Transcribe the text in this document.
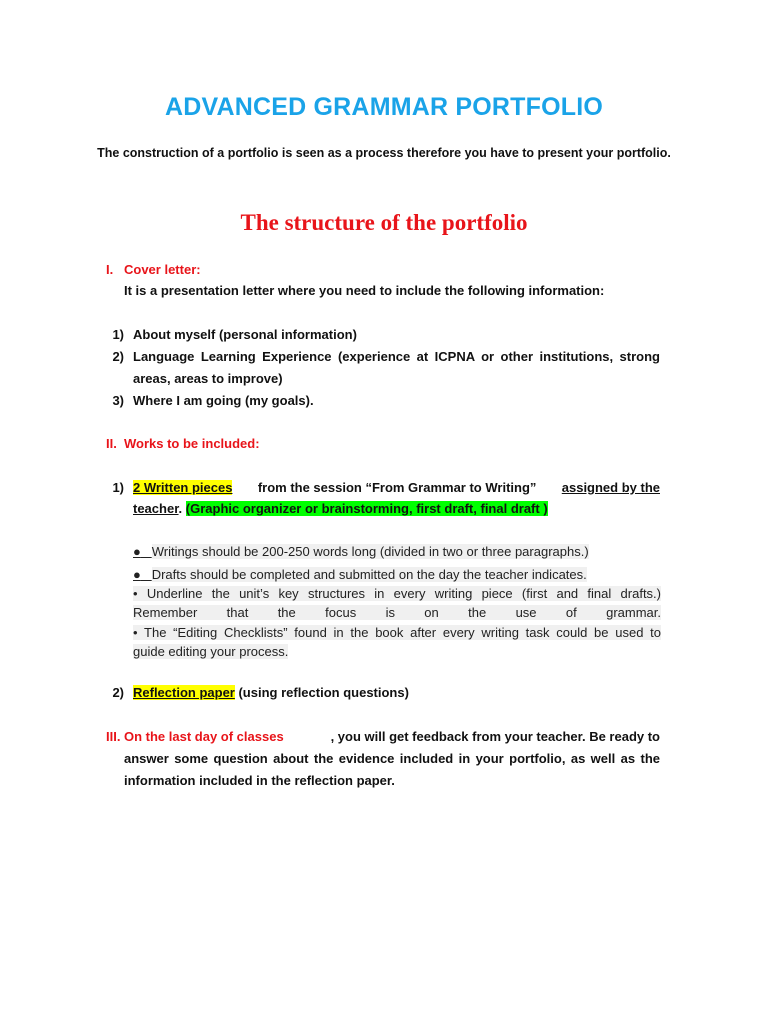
ADVANCED GRAMMAR PORTFOLIO
The construction of a portfolio is seen as a process therefore you have to present your portfolio.
The structure of the portfolio
I. Cover letter:
It is a presentation letter where you need to include the following information:
1) About myself (personal information)
2) Language Learning Experience (experience at ICPNA or other institutions, strong
areas, areas to improve)
3) Where I am going (my goals).
II. Works to be included:
1) 2 Written pieces from the session “From Grammar to Writing” assigned by the
teacher. (Graphic organizer or brainstorming, first draft, final draft )
● Writings should be 200-250 words long (divided in two or three paragraphs.)
● Drafts should be completed and submitted on the day the teacher indicates.
• Underline the unit’s key structures in every writing piece (first and final drafts.)
Remember that the focus is on the use of grammar.
• The “Editing Checklists” found in the book after every writing task could be used to
guide editing your process.
2) Reflection paper (using reflection questions)
III. On the last day of classes	, you will get feedback from your teacher. Be ready to
answer some question about the evidence included in your portfolio, as well as the
information included in the reflection paper.
